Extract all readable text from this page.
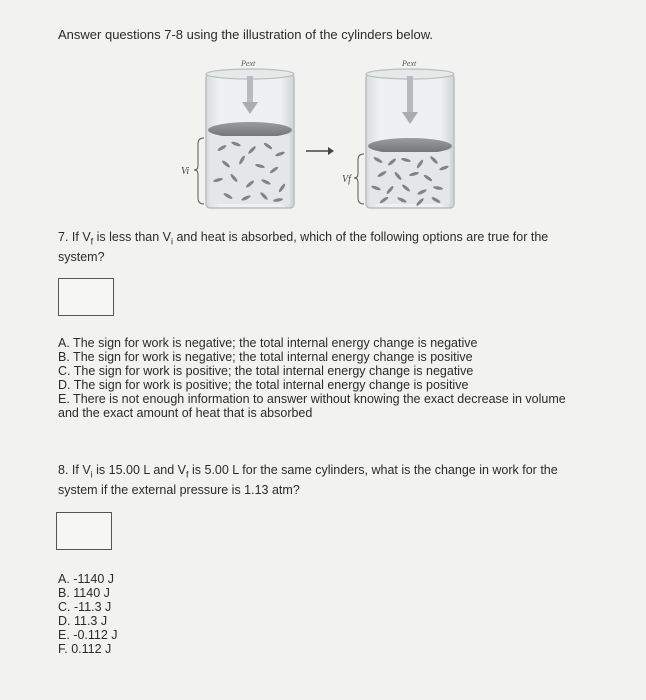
Answer questions 7-8 using the illustration of the cylinders below.
Pext
Vi
Pext
Vf
7. If $V_f$ is less than $V_i$ and heat is absorbed, which of the following options are true for the system?
A. The sign for work is negative; the total internal energy change is negative
B. The sign for work is negative; the total internal energy change is positive
C. The sign for work is positive; the total internal energy change is negative
D. The sign for work is positive; the total internal energy change is positive
E. There is not enough information to answer without knowing the exact decrease in volume and the exact amount of heat that is absorbed
8. If $V_i$ is 15.00 L and $V_f$ is 5.00 L for the same cylinders, what is the change in work for the system if the external pressure is 1.13 atm?
A. -1140 J
B. 1140 J
C. -11.3 J
D. 11.3 J
E. -0.112 J
F. 0.112 J
